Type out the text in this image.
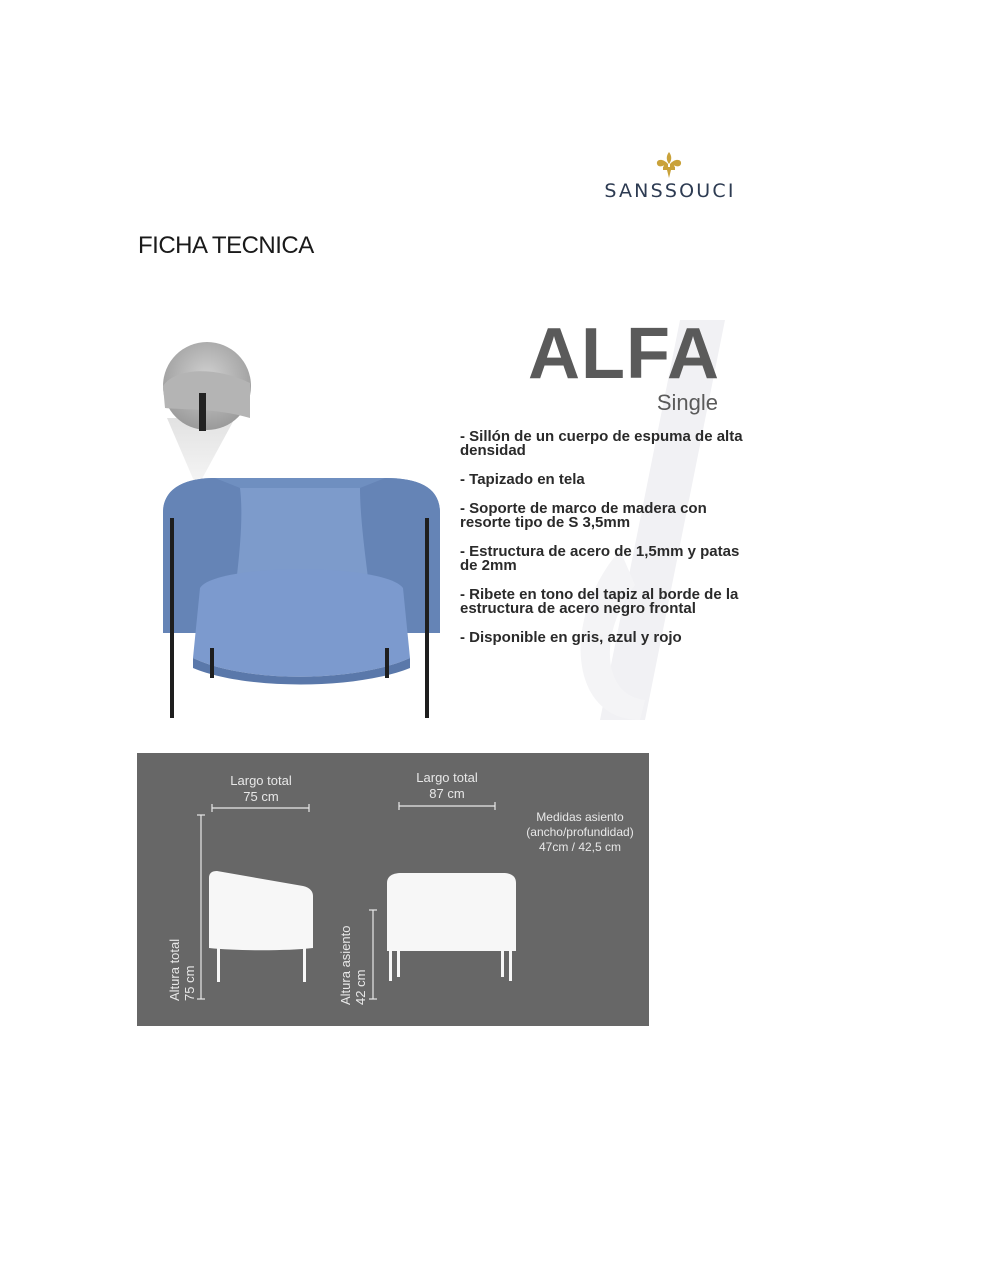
SANSSOUCI
FICHA TECNICA
ALFA
Single
- Sillón de un cuerpo de espuma de alta densidad
- Tapizado en tela
- Soporte de marco de madera con resorte tipo de S 3,5mm
- Estructura de acero de 1,5mm y patas de 2mm
- Ribete en tono del tapiz al borde de la estructura de acero negro frontal
- Disponible en gris, azul y rojo
Largo total
75 cm
Largo total
87 cm
Medidas asiento
(ancho/profundidad)
47cm / 42,5 cm
Altura total 75 cm	Altura asiento 42 cm
